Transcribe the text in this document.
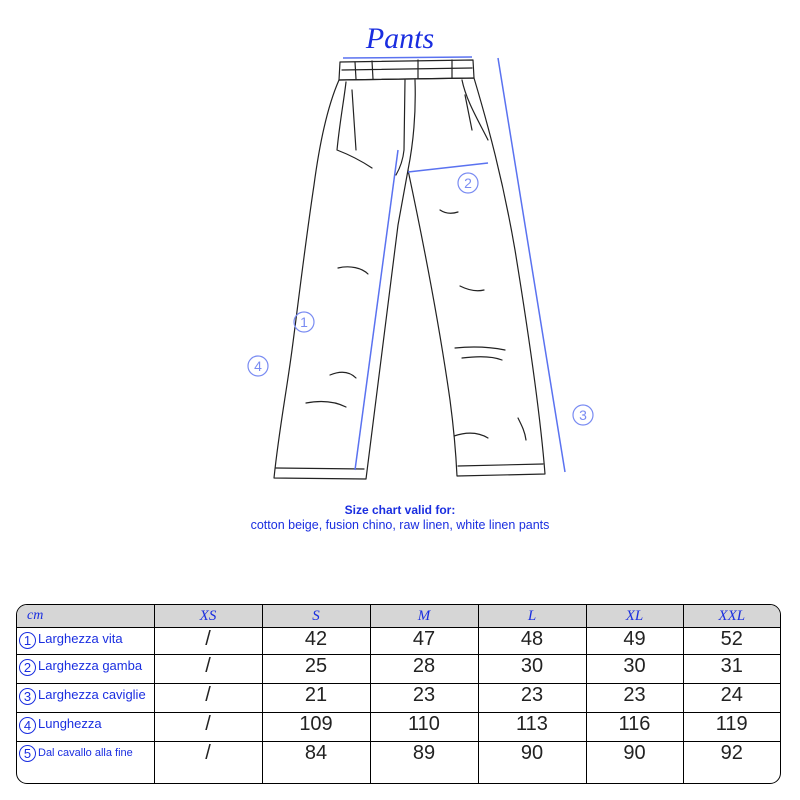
Pants
1
2
3
4
Size chart valid for:
cotton beige, fusion chino, raw linen, white linen pants
cm	XS	S	M	L	XL	XXL
1 Larghezza vita	/	42	47	48	49	52
2 Larghezza gamba	/	25	28	30	30	31
3 Larghezza caviglie	/	21	23	23	23	24
4 Lunghezza	/	109	110	113	116	119
5 Dal cavallo alla fine	/	84	89	90	90	92
